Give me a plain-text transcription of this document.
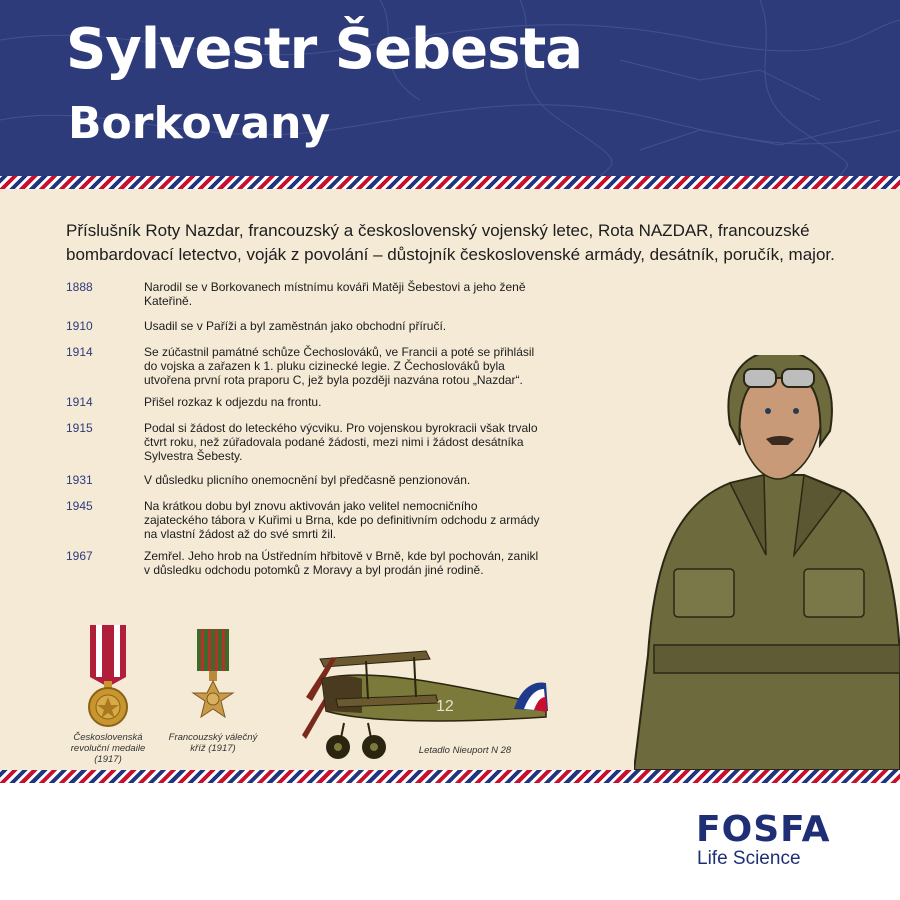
Sylvestr Šebesta
Borkovany

Příslušník Roty Nazdar, francouzský a československý vojenský letec, Rota NAZDAR, francouzské bombardovací letectvo, voják z povolání – důstojník československé armády, desátník, poručík, major.

1888	Narodil se v Borkovanech místnímu kováři Matěji Šebestovi a jeho ženě Kateřině.
1910	Usadil se v Paříži a byl zaměstnán jako obchodní příručí.
1914	Se zúčastnil památné schůze Čechoslováků, ve Francii a poté se přihlásil do vojska a zařazen k 1. pluku cizinecké legie. Z Čechoslováků byla utvořena první rota praporu C, jež byla později nazvána rotou „Nazdar“.
1914	Přišel rozkaz k odjezdu na frontu.
1915	Podal si žádost do leteckého výcviku. Pro vojenskou byrokracii však trvalo čtvrt roku, než zúřadovala podané žádosti, mezi nimi i žádost desátníka Sylvestra Šebesty.
1931	V důsledku plicního onemocnění byl předčasně penzionován.
1945	Na krátkou dobu byl znovu aktivován jako velitel nemocničního zajateckého tábora v Kuřimi u Brna, kde po definitivním odchodu z armády na vlastní žádost až do své smrti žil.
1967	Zemřel. Jeho hrob na Ústředním hřbitově v Brně, kde byl pochován, zanikl v důsledku odchodu potomků z Moravy a byl prodán jiné rodině.
Československá revoluční medaile (1917)
Francouzský válečný kříž (1917)
12
Letadlo Nieuport N 28
FOSFA
Life Science
